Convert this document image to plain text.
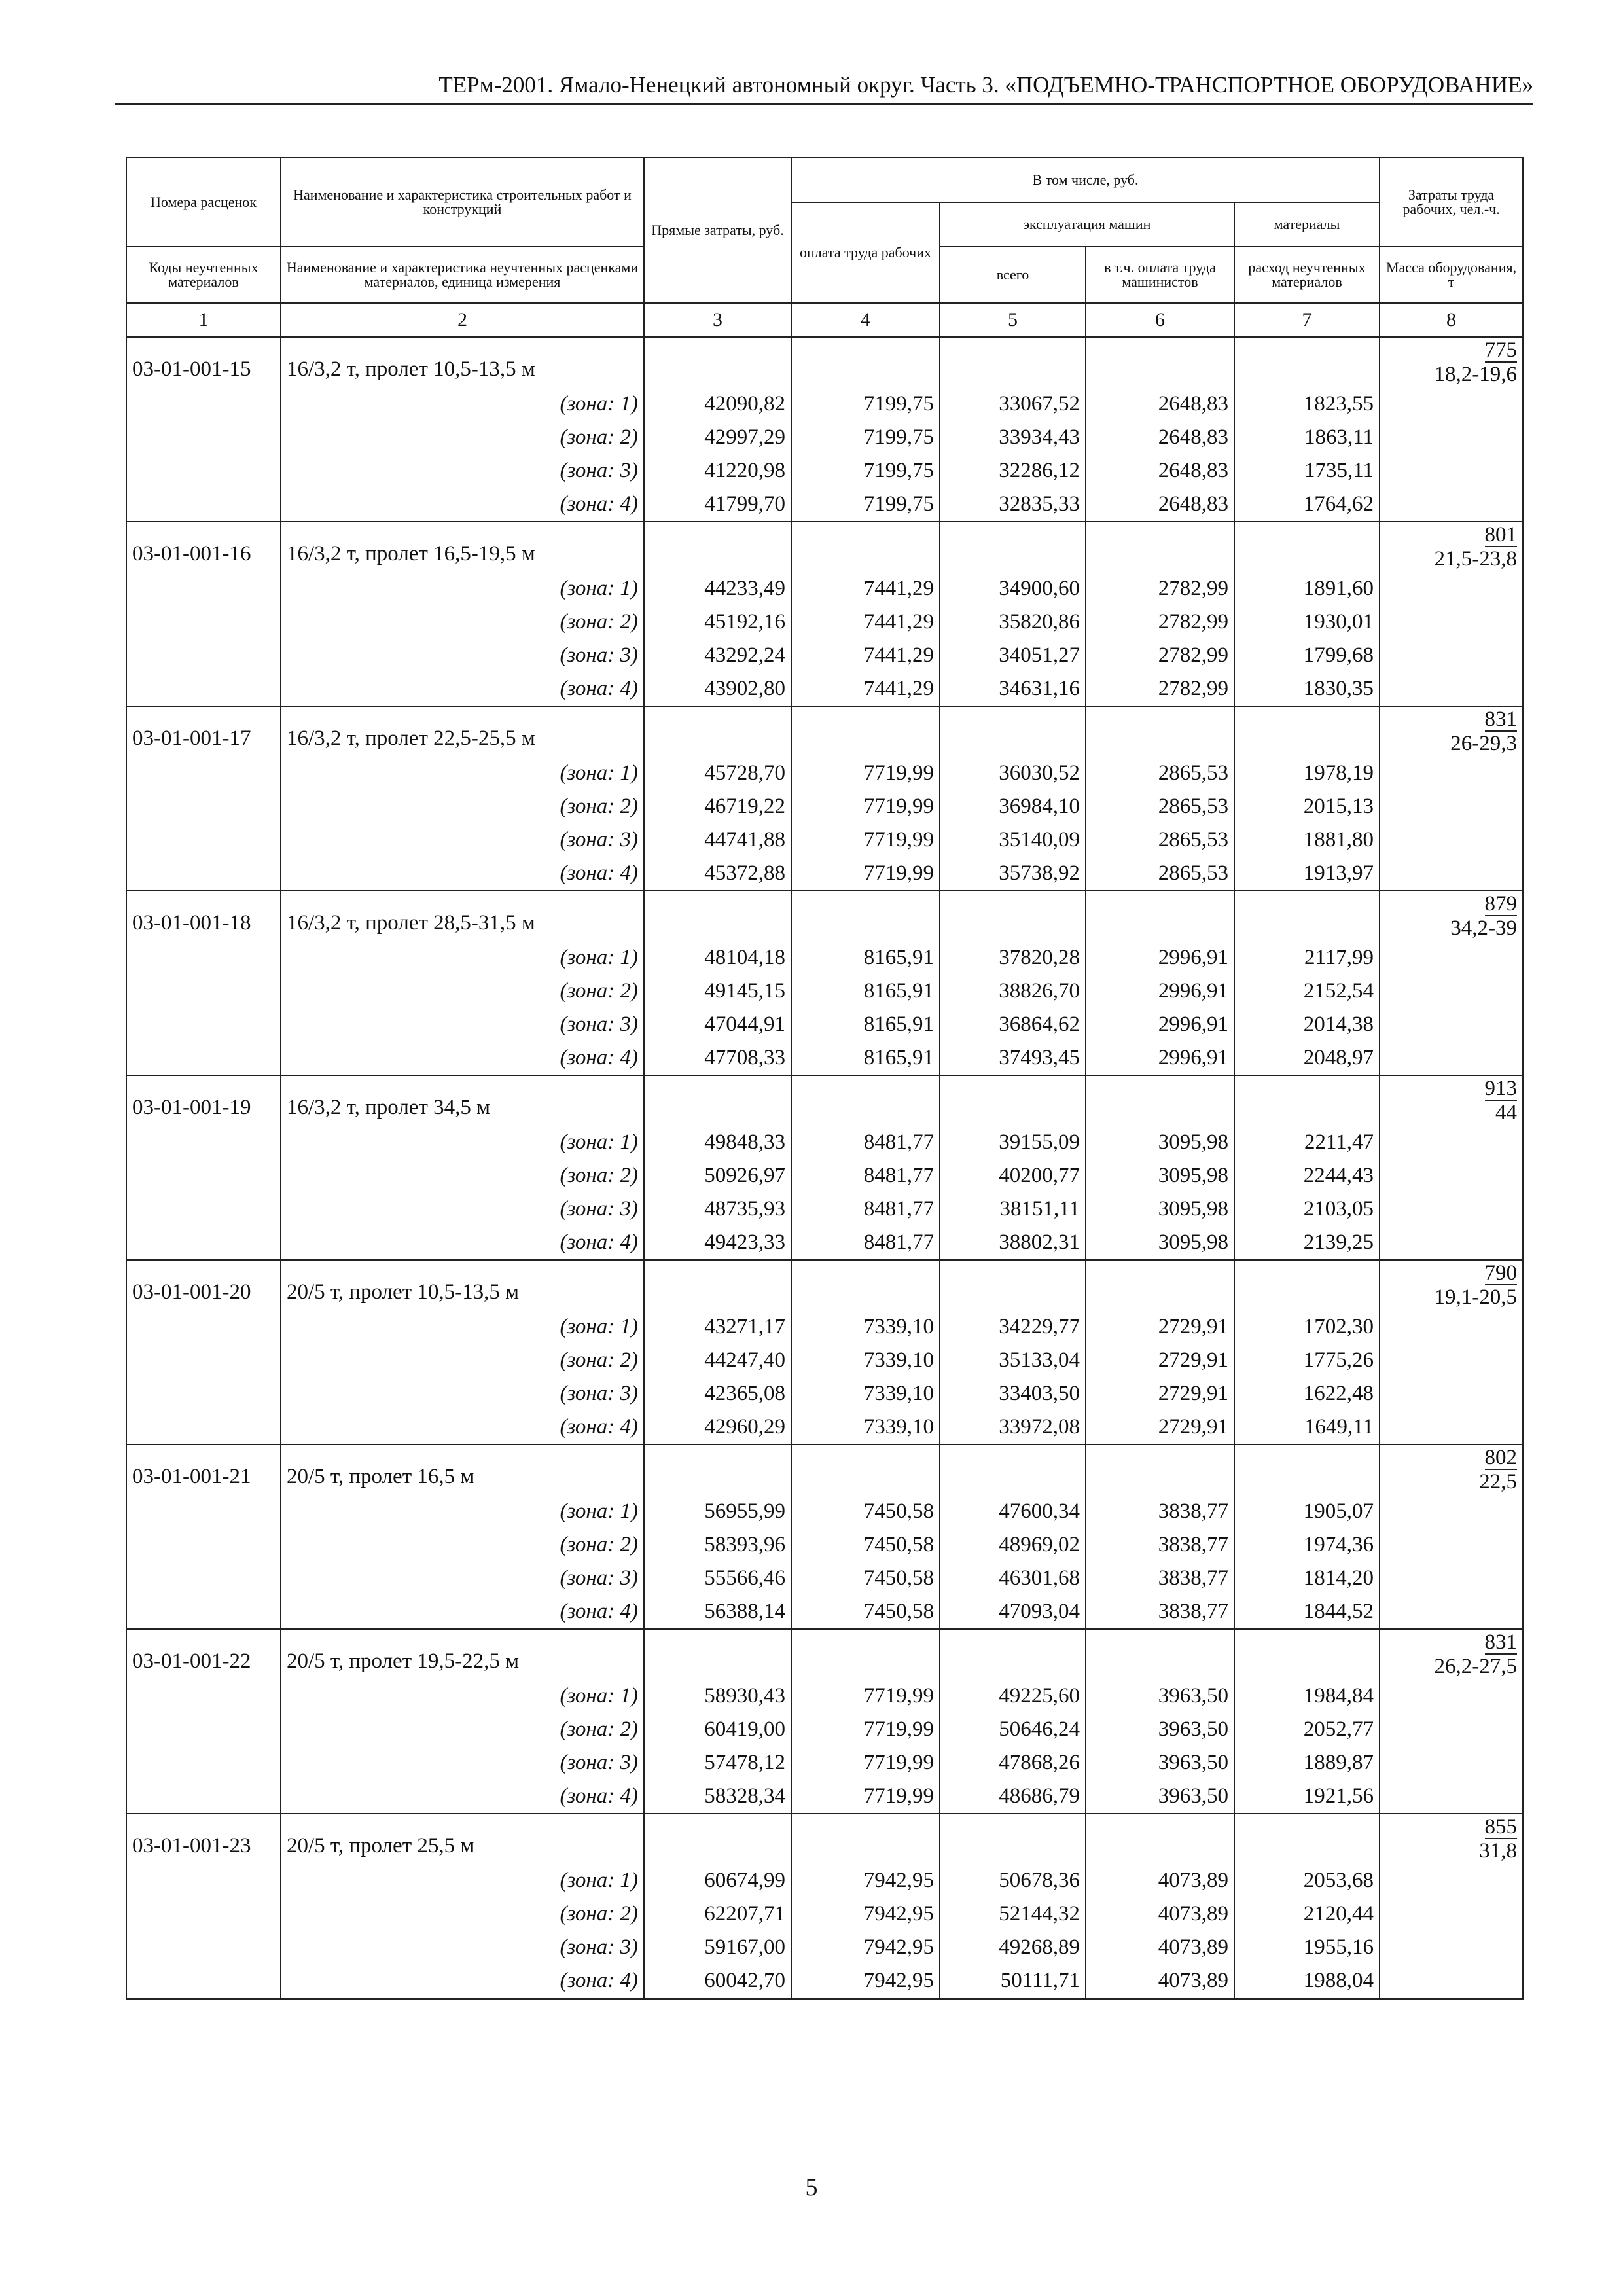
ТЕРм-2001. Ямало-Ненецкий автономный округ. Часть 3. «ПОДЪЕМНО-ТРАНСПОРТНОЕ ОБОРУДОВАНИЕ»
Номера расценок	Наименование и характеристика строительных работ и конструкций	Прямые затраты, руб.	В том числе, руб.				Затраты труда рабочих, чел.-ч.
			оплата труда рабочих	эксплуатация машин		материалы	
Коды неучтенных материалов	Наименование и характеристика неучтенных расценками материалов, единица измерения			всего	в т.ч. оплата труда машинистов	расход неучтенных материалов	Масса оборудования, т
1	2	3	4	5	6	7	8
03-01-001-15	16/3,2 т, пролет 10,5-13,5 м						775
18,2-19,6

	(зона: 1)	42090,82	7199,75	33067,52	2648,83	1823,55	
	(зона: 2)	42997,29	7199,75	33934,43	2648,83	1863,11	
	(зона: 3)	41220,98	7199,75	32286,12	2648,83	1735,11	
	(зона: 4)	41799,70	7199,75	32835,33	2648,83	1764,62	
03-01-001-16	16/3,2 т, пролет 16,5-19,5 м						801
21,5-23,8

	(зона: 1)	44233,49	7441,29	34900,60	2782,99	1891,60	
	(зона: 2)	45192,16	7441,29	35820,86	2782,99	1930,01	
	(зона: 3)	43292,24	7441,29	34051,27	2782,99	1799,68	
	(зона: 4)	43902,80	7441,29	34631,16	2782,99	1830,35	
03-01-001-17	16/3,2 т, пролет 22,5-25,5 м						831
26-29,3

	(зона: 1)	45728,70	7719,99	36030,52	2865,53	1978,19	
	(зона: 2)	46719,22	7719,99	36984,10	2865,53	2015,13	
	(зона: 3)	44741,88	7719,99	35140,09	2865,53	1881,80	
	(зона: 4)	45372,88	7719,99	35738,92	2865,53	1913,97	
03-01-001-18	16/3,2 т, пролет 28,5-31,5 м						879
34,2-39

	(зона: 1)	48104,18	8165,91	37820,28	2996,91	2117,99	
	(зона: 2)	49145,15	8165,91	38826,70	2996,91	2152,54	
	(зона: 3)	47044,91	8165,91	36864,62	2996,91	2014,38	
	(зона: 4)	47708,33	8165,91	37493,45	2996,91	2048,97	
03-01-001-19	16/3,2 т, пролет 34,5 м						913
44

	(зона: 1)	49848,33	8481,77	39155,09	3095,98	2211,47	
	(зона: 2)	50926,97	8481,77	40200,77	3095,98	2244,43	
	(зона: 3)	48735,93	8481,77	38151,11	3095,98	2103,05	
	(зона: 4)	49423,33	8481,77	38802,31	3095,98	2139,25	
03-01-001-20	20/5 т, пролет 10,5-13,5 м						790
19,1-20,5

	(зона: 1)	43271,17	7339,10	34229,77	2729,91	1702,30	
	(зона: 2)	44247,40	7339,10	35133,04	2729,91	1775,26	
	(зона: 3)	42365,08	7339,10	33403,50	2729,91	1622,48	
	(зона: 4)	42960,29	7339,10	33972,08	2729,91	1649,11	
03-01-001-21	20/5 т, пролет 16,5 м						802
22,5

	(зона: 1)	56955,99	7450,58	47600,34	3838,77	1905,07	
	(зона: 2)	58393,96	7450,58	48969,02	3838,77	1974,36	
	(зона: 3)	55566,46	7450,58	46301,68	3838,77	1814,20	
	(зона: 4)	56388,14	7450,58	47093,04	3838,77	1844,52	
03-01-001-22	20/5 т, пролет 19,5-22,5 м						831
26,2-27,5

	(зона: 1)	58930,43	7719,99	49225,60	3963,50	1984,84	
	(зона: 2)	60419,00	7719,99	50646,24	3963,50	2052,77	
	(зона: 3)	57478,12	7719,99	47868,26	3963,50	1889,87	
	(зона: 4)	58328,34	7719,99	48686,79	3963,50	1921,56	
03-01-001-23	20/5 т, пролет 25,5 м						855
31,8

	(зона: 1)	60674,99	7942,95	50678,36	4073,89	2053,68	
	(зона: 2)	62207,71	7942,95	52144,32	4073,89	2120,44	
	(зона: 3)	59167,00	7942,95	49268,89	4073,89	1955,16	
	(зона: 4)	60042,70	7942,95	50111,71	4073,89	1988,04	
5
